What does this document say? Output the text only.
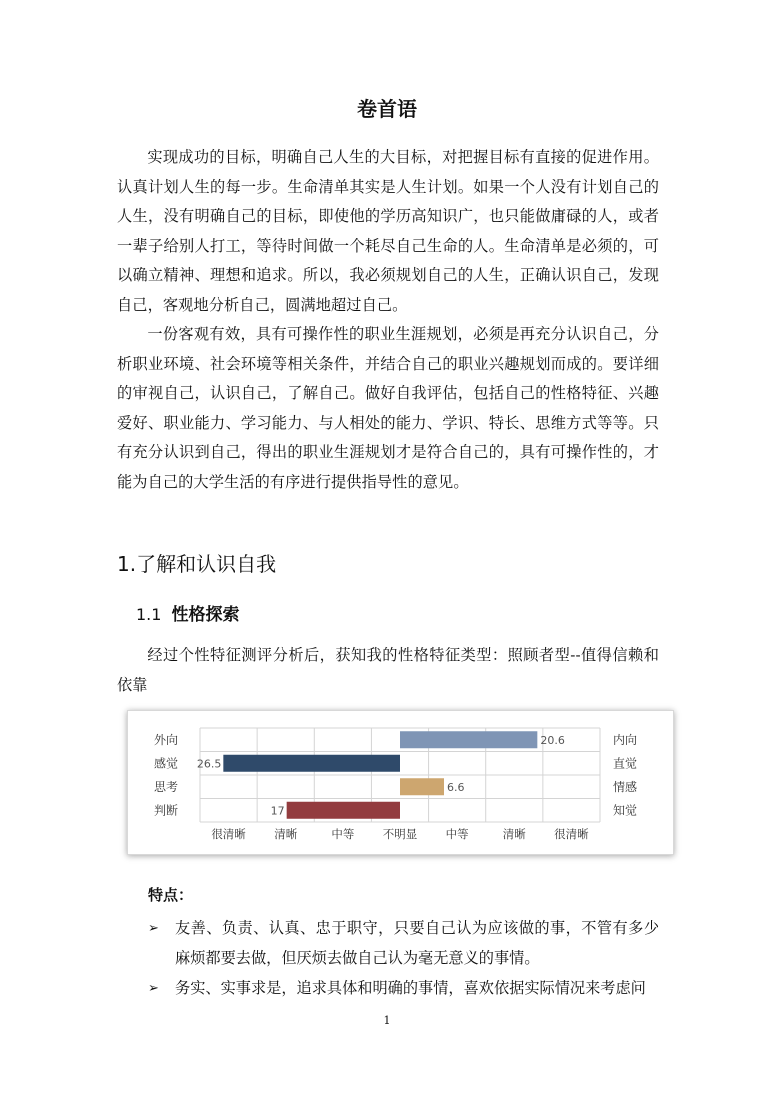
卷首语

实现成功的目标，明确自己人生的大目标，对把握目标有直接的促进作用。认真计划人生的每一步。生命清单其实是人生计划。如果一个人没有计划自己的人生，没有明确自己的目标，即使他的学历高知识广，也只能做庸碌的人，或者一辈子给别人打工，等待时间做一个耗尽自己生命的人。生命清单是必须的，可以确立精神、理想和追求。所以，我必须规划自己的人生，正确认识自己，发现自己，客观地分析自己，圆满地超过自己。

一份客观有效，具有可操作性的职业生涯规划，必须是再充分认识自己，分析职业环境、社会环境等相关条件，并结合自己的职业兴趣规划而成的。要详细的审视自己，认识自己，了解自己。做好自我评估，包括自己的性格特征、兴趣爱好、职业能力、学习能力、与人相处的能力、学识、特长、思维方式等等。只有充分认识到自己，得出的职业生涯规划才是符合自己的，具有可操作性的，才能为自己的大学生活的有序进行提供指导性的意见。

1.了解和认识自我
1.1 性格探索

经过个性特征测评分析后，获知我的性格特征类型：照顾者型--值得信赖和依靠

20.6
外向	内向
26.5
感觉	直觉
6.6
思考	情感
17
判断	知觉
很清晰 清晰	中等 不明显 中等	清晰 很清晰
特点：
➢ 友善、负责、认真、忠于职守，只要自己认为应该做的事，不管有多少麻烦都要去做，但厌烦去做自己认为毫无意义的事情。
➢ 务实、实事求是，追求具体和明确的事情，喜欢依据实际情况来考虑问
1
